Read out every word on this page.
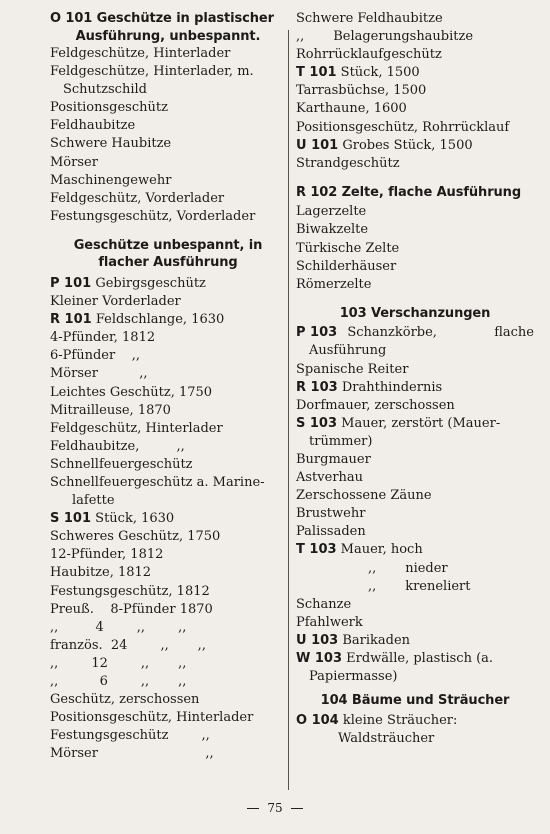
O 101 Geschütze in plastischer
Ausführung, unbespannt.
Feldgeschütze, Hinterlader
Feldgeschütze, Hinterlader, m.
Schutzschild
Positionsgeschütz
Feldhaubitze
Schwere Haubitze
Mörser
Maschinengewehr
Feldgeschütz, Vorderlader
Festungsgeschütz, Vorderlader
Geschütze unbespannt, in
flacher Ausführung
P 101 Gebirgsgeschütz
Kleiner Vorderlader
R 101 Feldschlange, 1630
4-Pfünder, 1812
6-Pfünder    ,,
Mörser          ,,
Leichtes Geschütz, 1750
Mitrailleuse, 1870
Feldgeschütz, Hinterlader
Feldhaubitze,         ,,
Schnellfeuergeschütz
Schnellfeuergeschütz a. Marine-
lafette
S 101 Stück, 1630
Schweres Geschütz, 1750
12-Pfünder, 1812
Haubitze, 1812
Festungsgeschütz, 1812
Preuß.    8-Pfünder 1870
,,         4        ,,        ,,
französ.  24        ,,       ,,
,,        12        ,,       ,,
,,          6        ,,       ,,
Geschütz, zerschossen
Positionsgeschütz, Hinterlader
Festungsgeschütz        ,,
Mörser                          ,,
Schwere Feldhaubitze
,,       Belagerungshaubitze
Rohrrücklaufgeschütz
T 101 Stück, 1500
Tarrasbüchse, 1500
Karthaune, 1600
Positionsgeschütz, Rohrrücklauf
U 101 Grobes Stück, 1500
Strandgeschütz
R 102 Zelte, flache Ausführung
Lagerzelte
Biwakzelte
Türkische Zelte
Schilderhäuser
Römerzelte
103 Verschanzungen
P 103 Schanzkörbe,	flache
Ausführung
Spanische Reiter
R 103 Drahthindernis
Dorfmauer, zerschossen
S 103 Mauer, zerstört (Mauer-
trümmer)
Burgmauer
Astverhau
Zerschossene Zäune
Brustwehr
Palissaden
T 103 Mauer, hoch
,,       nieder
,,       kreneliert
Schanze
Pfahlwerk
U 103 Barikaden
W 103 Erdwälle, plastisch (a.
Papiermasse)
104 Bäume und Sträucher
O 104 kleine Sträucher:
Waldsträucher
75
